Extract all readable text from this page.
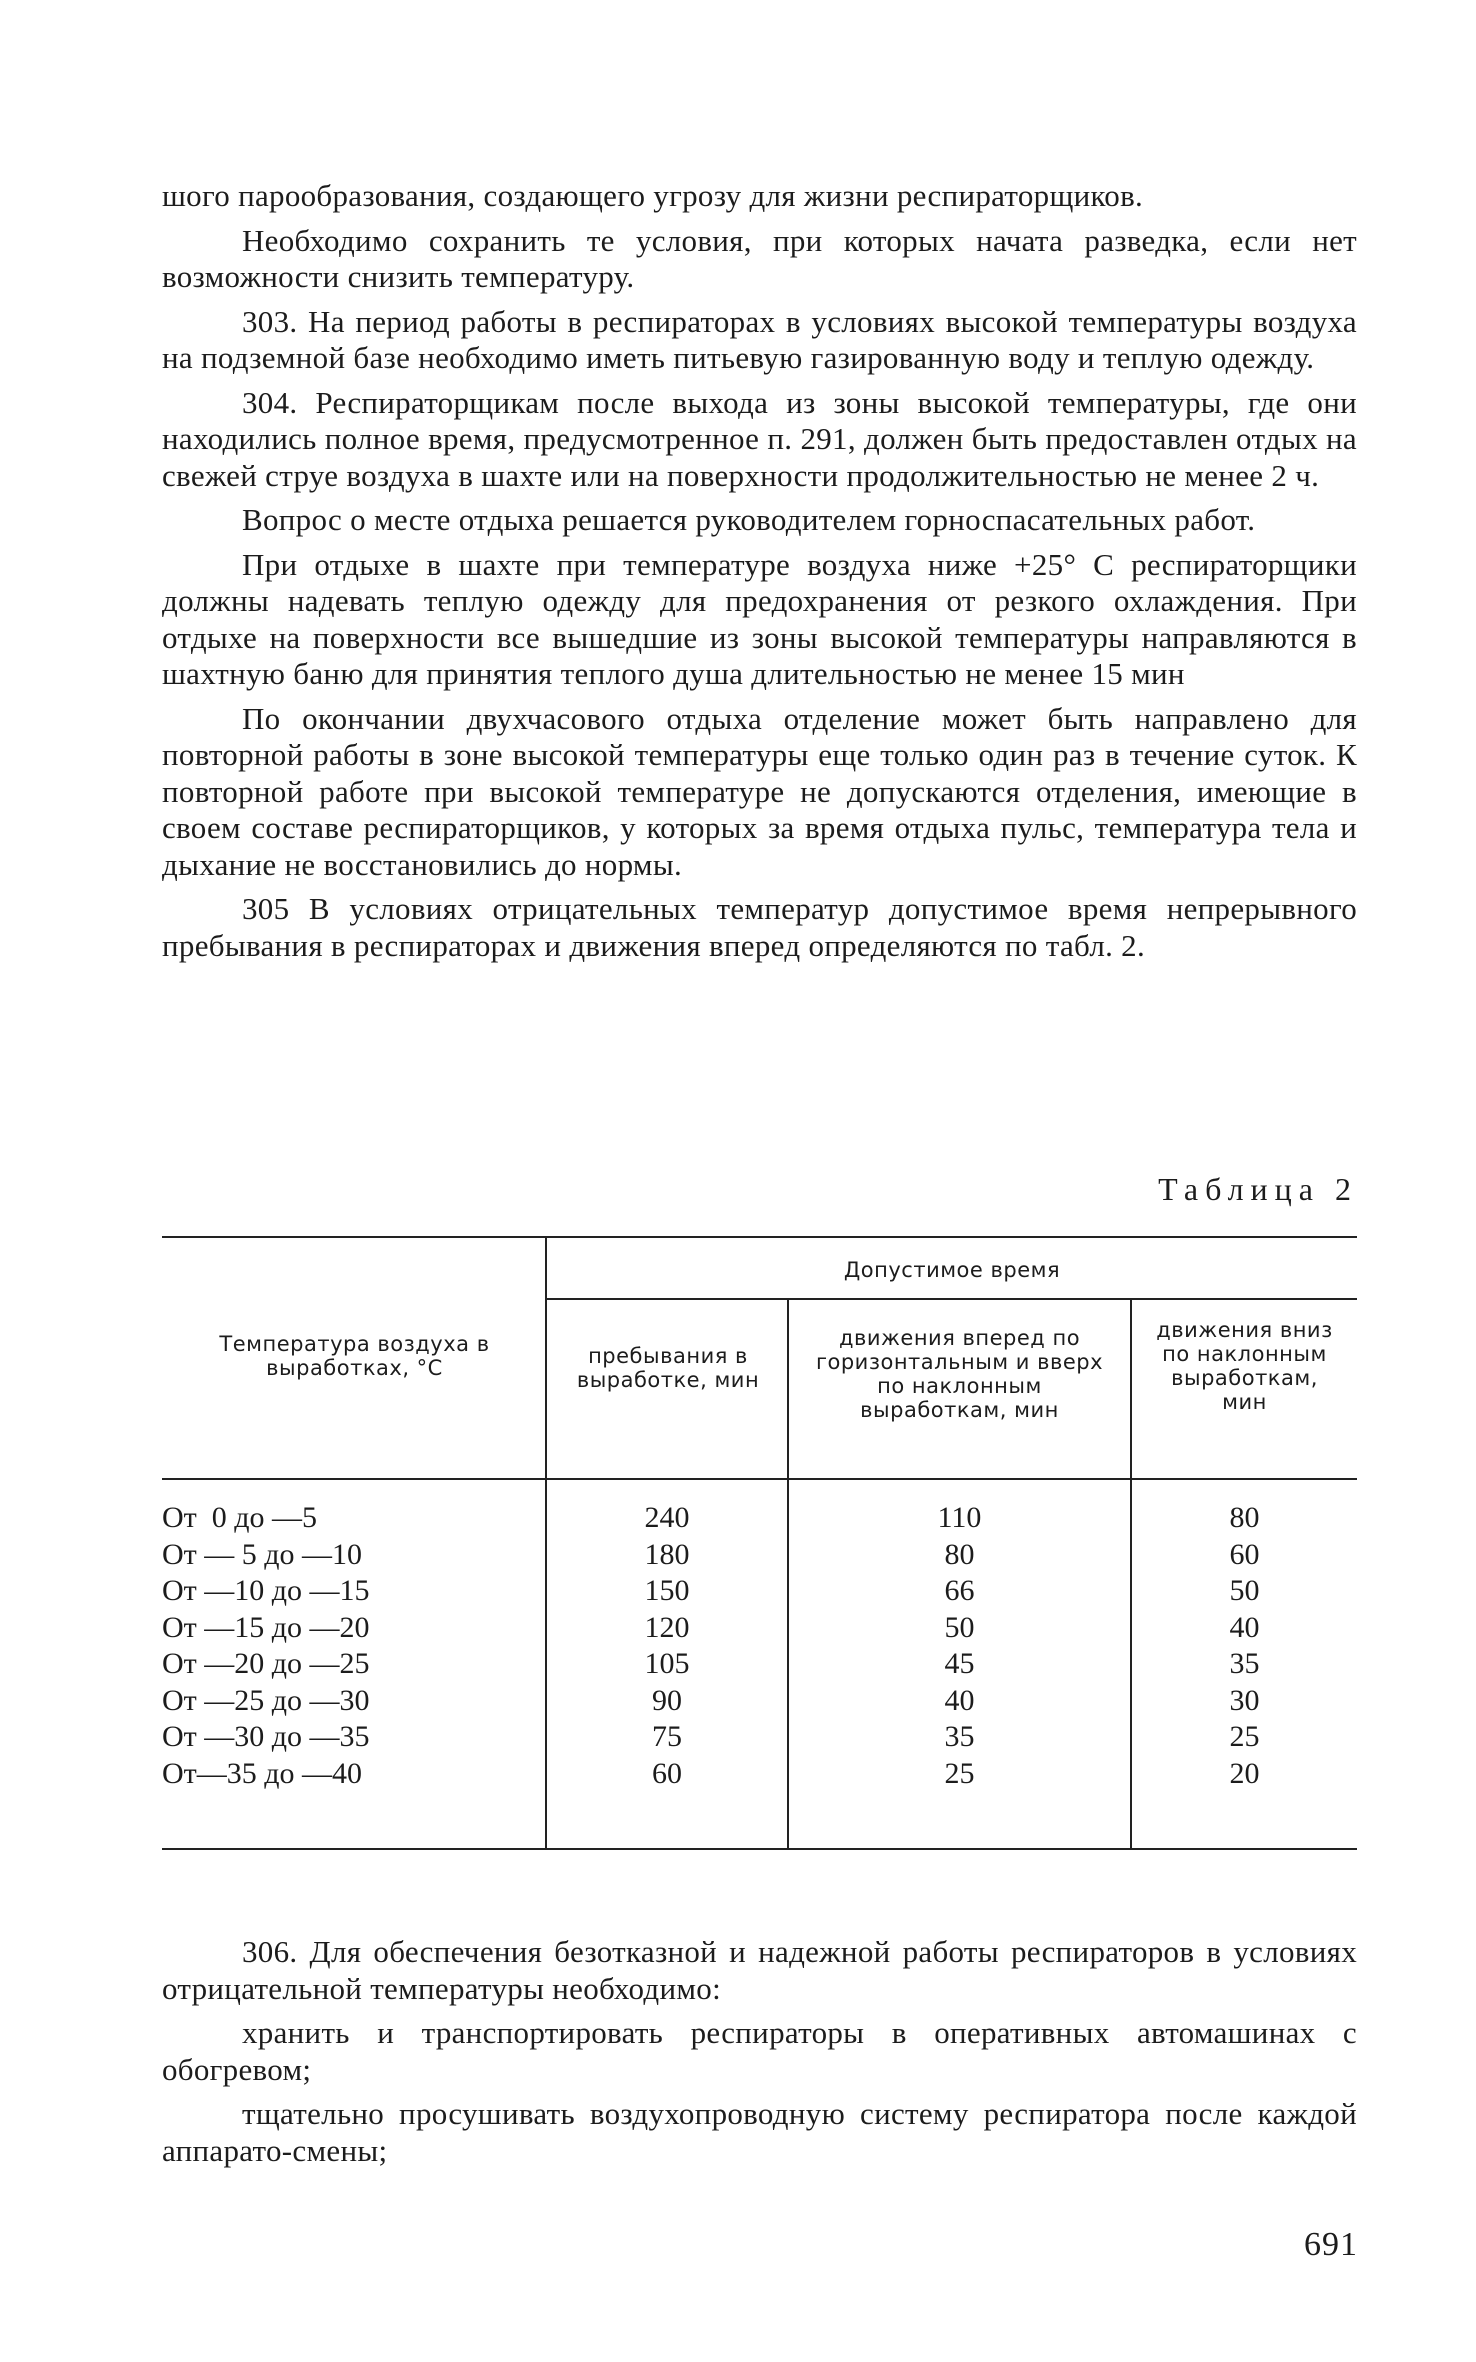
шого парообразования, создающего угрозу для жизни респираторщиков.

Необходимо сохранить те условия, при которых начата разведка, если нет возможности снизить температуру.

303. На период работы в респираторах в условиях высокой температуры воздуха на подземной базе необходимо иметь питьевую газированную воду и теплую одежду.

304. Респираторщикам после выхода из зоны высокой температуры, где они находились полное время, предусмотренное п. 291, должен быть предоставлен отдых на свежей струе воздуха в шахте или на поверхности продолжительностью не менее 2 ч.

Вопрос о месте отдыха решается руководителем горноспасательных работ.

При отдыхе в шахте при температуре воздуха ниже +25° С респираторщики должны надевать теплую одежду для предохранения от резкого охлаждения. При отдыхе на поверхности все вышедшие из зоны высокой температуры направляются в шахтную баню для принятия теплого душа длительностью не менее 15 мин

По окончании двухчасового отдыха отделение может быть направлено для повторной работы в зоне высокой температуры еще только один раз в течение суток. К повторной работе при высокой температуре не допускаются отделения, имеющие в своем составе респираторщиков, у которых за время отдыха пульс, температура тела и дыхание не восстановились до нормы.

305 В условиях отрицательных температур допустимое время непрерывного пребывания в респираторах и движения вперед определяются по табл. 2.

Таблица 2
Температура воздуха в выработках, °С
Допустимое время
пребывания в выработке, мин
движения вперед по горизонтальным и вверх по наклонным выработкам, мин
движения вниз по наклонным выработкам, мин
От  0 до —5
От — 5 до —10
От —10 до —15
От —15 до —20
От —20 до —25
От —25 до —30
От —30 до —35
От—35 до —40
240
180
150
120
105
90
75
60
110
80
66
50
45
40
35
25
80
60
50
40
35
30
25
20

306. Для обеспечения безотказной и надежной работы респираторов в условиях отрицательной температуры необходимо:

хранить и транспортировать респираторы в оперативных автомашинах с обогревом;

тщательно просушивать воздухопроводную систему респиратора после каждой аппарато-смены;

691
